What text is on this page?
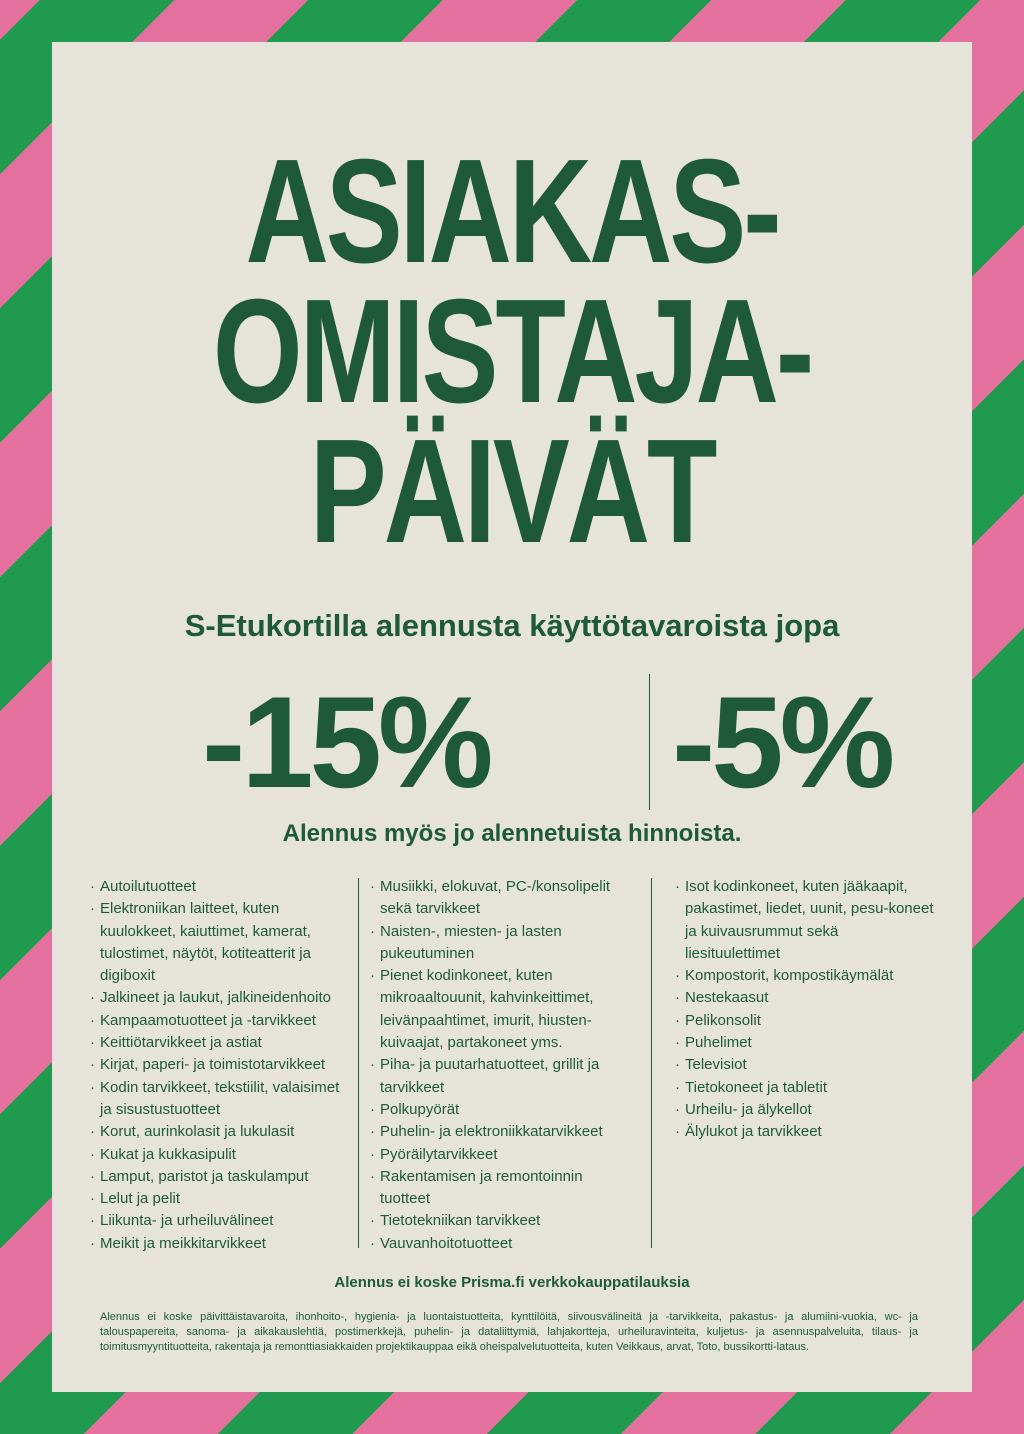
ASIAKAS-
OMISTAJA-
PÄIVÄT
S-Etukortilla alennusta käyttötavaroista jopa
-15% -5%
Alennus myös jo alennetuista hinnoista.
· Autoilutuotteet
· Elektroniikan laitteet, kuten kuulokkeet, kaiuttimet, kamerat, tulostimet, näytöt, kotiteatterit ja digiboxit
· Jalkineet ja laukut, jalkineidenhoito
· Kampaamotuotteet ja -tarvikkeet
· Keittiötarvikkeet ja astiat
· Kirjat, paperi- ja toimistotarvikkeet
· Kodin tarvikkeet, tekstiilit, valaisimet ja sisustustuotteet
· Korut, aurinkolasit ja lukulasit
· Kukat ja kukkasipulit
· Lamput, paristot ja taskulamput
· Lelut ja pelit
· Liikunta- ja urheiluvälineet
· Meikit ja meikkitarvikkeet
· Musiikki, elokuvat, PC-/konsolipelit sekä tarvikkeet
· Naisten-, miesten- ja lasten pukeutuminen
· Pienet kodinkoneet, kuten mikroaaltouunit, kahvinkeittimet, leivänpaahtimet, imurit, hiusten-kuivaajat, partakoneet yms.
· Piha- ja puutarhatuotteet, grillit ja tarvikkeet
· Polkupyörät
· Puhelin- ja elektroniikkatarvikkeet
· Pyöräilytarvikkeet
· Rakentamisen ja remontoinnin tuotteet
· Tietotekniikan tarvikkeet
· Vauvanhoitotuotteet
· Isot kodinkoneet, kuten jääkaapit, pakastimet, liedet, uunit, pesu-koneet ja kuivausrummut sekä liesituulettimet
· Kompostorit, kompostikäymälät
· Nestekaasut
· Pelikonsolit
· Puhelimet
· Televisiot
· Tietokoneet ja tabletit
· Urheilu- ja älykellot
· Älylukot ja tarvikkeet
Alennus ei koske Prisma.fi verkkokauppatilauksia
Alennus ei koske päivittäistavaroita, ihonhoito-, hygienia- ja luontaistuotteita, kynttilöitä, siivousvälineitä ja -tarvikkeita, pakastus- ja alumiini-vuokia, wc- ja talouspapereita, sanoma- ja aikakauslehtiä, postimerkkejä, puhelin- ja dataliittymiä, lahjakortteja, urheiluravinteita, kuljetus- ja asennuspalveluita, tilaus- ja toimitusmyyntituotteita, rakentaja ja remonttiasiakkaiden projektikauppaa eikä oheispalvelutuotteita, kuten Veikkaus, arvat, Toto, bussikortti-lataus.
